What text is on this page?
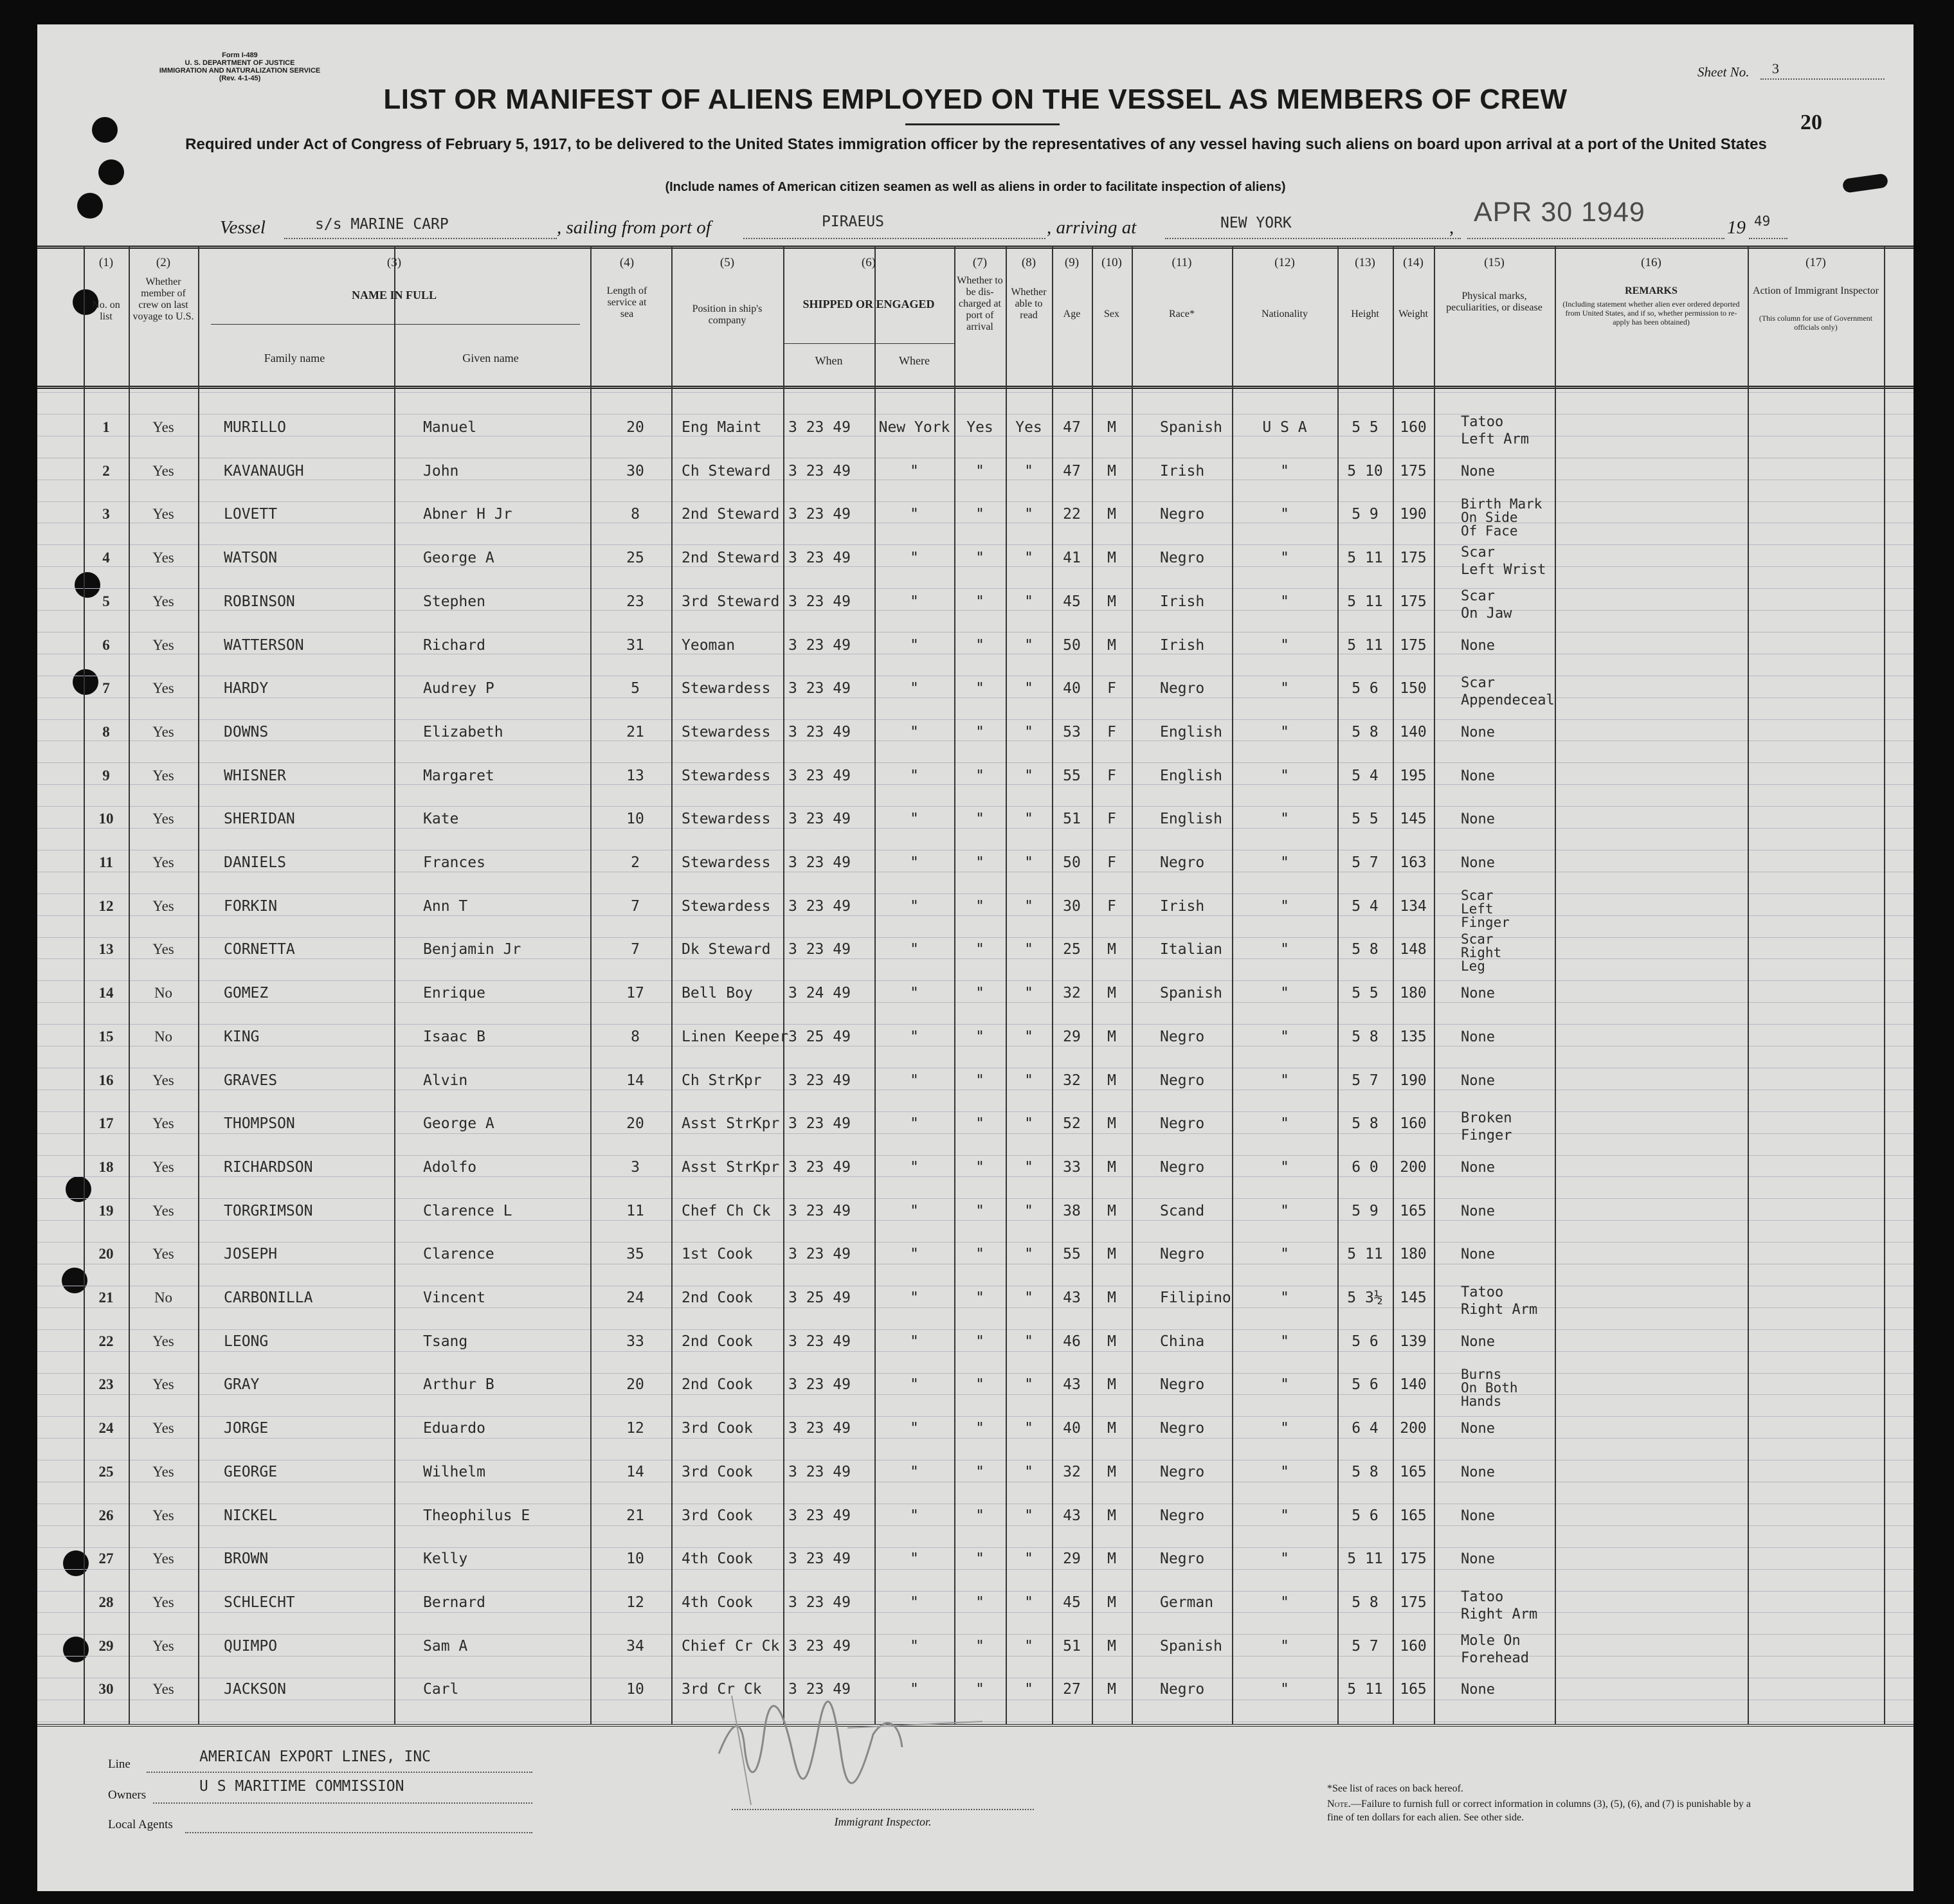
Form I-489
U. S. DEPARTMENT OF JUSTICE
IMMIGRATION AND NATURALIZATION SERVICE
(Rev. 4-1-45)	Sheet No.	3
20
LIST OR MANIFEST OF ALIENS EMPLOYED ON THE VESSEL AS MEMBERS OF CREW
Required under Act of Congress of February 5, 1917, to be delivered to the United States immigration officer by the representatives of any vessel having such aliens on board upon arrival at a port of the United States
(Include names of American citizen seamen as well as aliens in order to facilitate inspection of aliens)
Vessel	s/s MARINE CARP	, sailing from port of	PIRAEUS	, arriving at	NEW YORK	, APR 30 1949	19 49
(1)
No. on list
(2)
Whether member of crew on last voyage to U.S.
(3)
NAME IN FULL
Family name	Given name
(4)
Length of service at sea
(5)
Position in ship's company
(6)
SHIPPED OR ENGAGED
When	Where
(7)
Whether to be dis- charged at port of arrival
(8)
Whether able to read
(9)
Age
(10)
Sex
(11)
Race*
(12)
Nationality
(13)
Height
(14)
Weight
(15)
Physical marks, peculiarities, or disease
(16)
REMARKS
(Including statement whether alien ever ordered deported from United States, and if so, whether permission to re-apply has been obtained)
(17)
Action of Immigrant Inspector
(This column for use of Government officials only)
1	Yes	MURILLO	Manuel	20	Eng Maint	3 23 49	New York	Yes	Yes	47	M	Spanish	U S A	5 5	160	Tatoo
Left Arm
2	Yes	KAVANAUGH	John	30	Ch Steward	3 23 49	"	"	"	47	M	Irish	"	5 10	175	None
3	Yes	LOVETT	Abner H Jr	8	2nd Steward 3 23 49	"	"	"	22	M	Negro	"	5 9	190
Birth Mark
On Side
Of Face
4	Yes	WATSON	George A	25	2nd Steward 3 23 49	"	"	"	41	M	Negro	"	5 11	175	Scar
Left Wrist
5	Yes	ROBINSON	Stephen	23	3rd Steward 3 23 49	"	"	"	45	M	Irish	"	5 11	175	Scar
On Jaw
6	Yes	WATTERSON	Richard	31	Yeoman	3 23 49	"	"	"	50	M	Irish	"	5 11	175	None
7	Yes	HARDY	Audrey P	5	Stewardess	3 23 49	"	"	"	40	F	Negro	"	5 6	150	Scar
Appendeceal
8	Yes	DOWNS	Elizabeth	21	Stewardess	3 23 49	"	"	"	53	F	English	"	5 8	140	None
9	Yes	WHISNER	Margaret	13	Stewardess	3 23 49	"	"	"	55	F	English	"	5 4	195	None
10	Yes	SHERIDAN	Kate	10	Stewardess	3 23 49	"	"	"	51	F	English	"	5 5	145	None
11	Yes	DANIELS	Frances	2	Stewardess	3 23 49	"	"	"	50	F	Negro	"	5 7	163	None
12	Yes	FORKIN	Ann T	7	Stewardess	3 23 49	"	"	"	30	F	Irish	"	5 4	134
Scar
Left
Finger
13	Yes	CORNETTA	Benjamin Jr	7	Dk Steward	3 23 49	"	"	"	25	M	Italian	"	5 8	148
Scar
Right
Leg
14	No	GOMEZ	Enrique	17	Bell Boy	3 24 49	"	"	"	32	M	Spanish	"	5 5	180	None
15	No	KING	Isaac B	8	Linen Keeper 3 25 49	"	"	"	29	M	Negro	"	5 8	135	None
16	Yes	GRAVES	Alvin	14	Ch StrKpr	3 23 49	"	"	"	32	M	Negro	"	5 7	190	None
17	Yes	THOMPSON	George A	20	Asst StrKpr 3 23 49	"	"	"	52	M	Negro	"	5 8	160	Broken
Finger
18	Yes	RICHARDSON	Adolfo	3	Asst StrKpr 3 23 49	"	"	"	33	M	Negro	"	6 0	200	None
19	Yes	TORGRIMSON	Clarence L	11	Chef Ch Ck	3 23 49	"	"	"	38	M	Scand	"	5 9	165	None
20	Yes	JOSEPH	Clarence	35	1st Cook	3 23 49	"	"	"	55	M	Negro	"	5 11	180	None
21	No	CARBONILLA	Vincent	24	2nd Cook	3 25 49	"	"	"	43	M	Filipino	"	5 3½	145	Tatoo
Right Arm
22	Yes	LEONG	Tsang	33	2nd Cook	3 23 49	"	"	"	46	M	China	"	5 6	139	None
23	Yes	GRAY	Arthur B	20	2nd Cook	3 23 49	"	"	"	43	M	Negro	"	5 6	140
Burns
On Both
Hands
24	Yes	JORGE	Eduardo	12	3rd Cook	3 23 49	"	"	"	40	M	Negro	"	6 4	200	None
25	Yes	GEORGE	Wilhelm	14	3rd Cook	3 23 49	"	"	"	32	M	Negro	"	5 8	165	None
26	Yes	NICKEL	Theophilus E	21	3rd Cook	3 23 49	"	"	"	43	M	Negro	"	5 6	165	None
27	Yes	BROWN	Kelly	10	4th Cook	3 23 49	"	"	"	29	M	Negro	"	5 11	175	None
28	Yes	SCHLECHT	Bernard	12	4th Cook	3 23 49	"	"	"	45	M	German	"	5 8	175	Tatoo
Right Arm
29	Yes	QUIMPO	Sam A	34	Chief Cr Ck 3 23 49	"	"	"	51	M	Spanish	"	5 7	160	Mole On
Forehead
30	Yes	JACKSON	Carl	10	3rd Cr Ck	3 23 49	"	"	"	27	M	Negro	"	5 11	165	None
Line	AMERICAN EXPORT LINES, INC
Owners
U S MARITIME COMMISSION
Local Agents	Immigrant Inspector.
*See list of races on back hereof.
Note.—Failure to furnish full or correct information in columns (3), (5), (6), and (7) is punishable by a fine of ten dollars for each alien. See other side.
